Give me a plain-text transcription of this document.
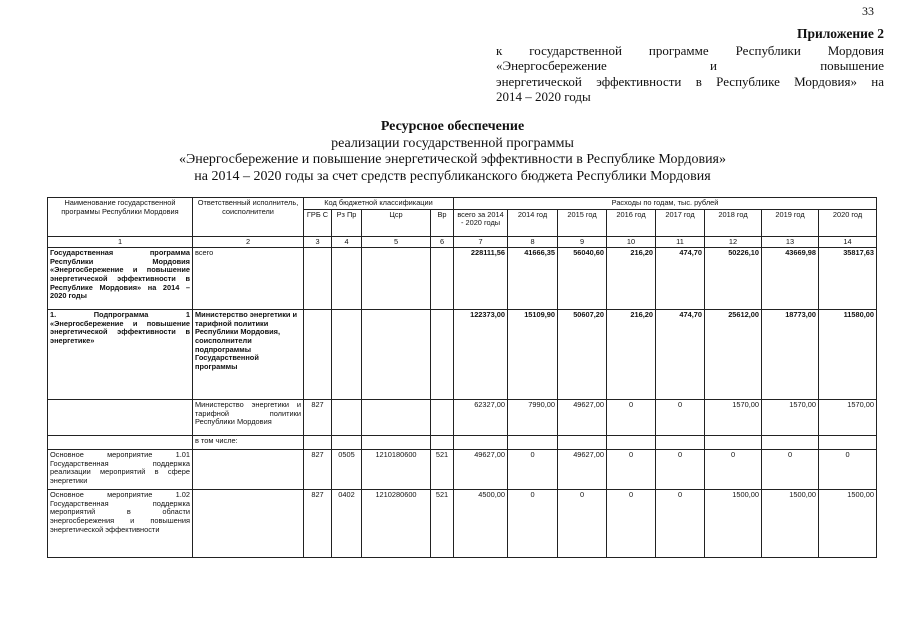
33
Приложение 2
к государственной программе Республики Мордовия
«Энергосбережение и повышение
энергетической эффективности в Республике Мордовия» на
2014 – 2020 годы
Ресурсное обеспечение
реализации государственной программы
«Энергосбережение и повышение энергетической эффективности в Республике Мордовия»
на 2014 – 2020 годы за счет средств республиканского бюджета Республики Мордовия
Наименование государственной программы Республики Мордовия	Ответственный исполнитель, соисполнители	Код бюджетной классификации				Расходы по годам, тыс. рублей							
		ГРБ С	Рз Пр	Цср	Вр	всего за 2014 - 2020 годы	2014 год	2015 год	2016 год	2017 год	2018 год	2019 год	2020 год
1	2	3	4	5	6	7	8	9	10	11	12	13	14
Государственная программа Республики Мордовия «Энергосбережение и повышение энергетической эффективности в Республике Мордовия» на 2014 – 2020 годы	всего					228111,56	41666,35	56040,60	216,20	474,70	50226,10	43669,98	35817,63
1. Подпрограмма 1 «Энергосбережение и повышение энергетической эффективности в энергетике»	Министерство энергетики и тарифной политики Республики Мордовия, соисполнители подпрограммы Государственной программы					122373,00	15109,90	50607,20	216,20	474,70	25612,00	18773,00	11580,00
	Министерство энергетики и тарифной политики Республики Мордовия	827				62327,00	7990,00	49627,00	0	0	1570,00	1570,00	1570,00
	в том числе:												
Основное мероприятие 1.01 Государственная поддержка реализации мероприятий в сфере энергетики		827	0505	1210180600	521	49627,00	0	49627,00	0	0	0	0	0
Основное мероприятие 1.02 Государственная поддержка мероприятий в области энергосбережения и повышения энергетической эффективности		827	0402	1210280600	521	4500,00	0	0	0	0	1500,00	1500,00	1500,00
